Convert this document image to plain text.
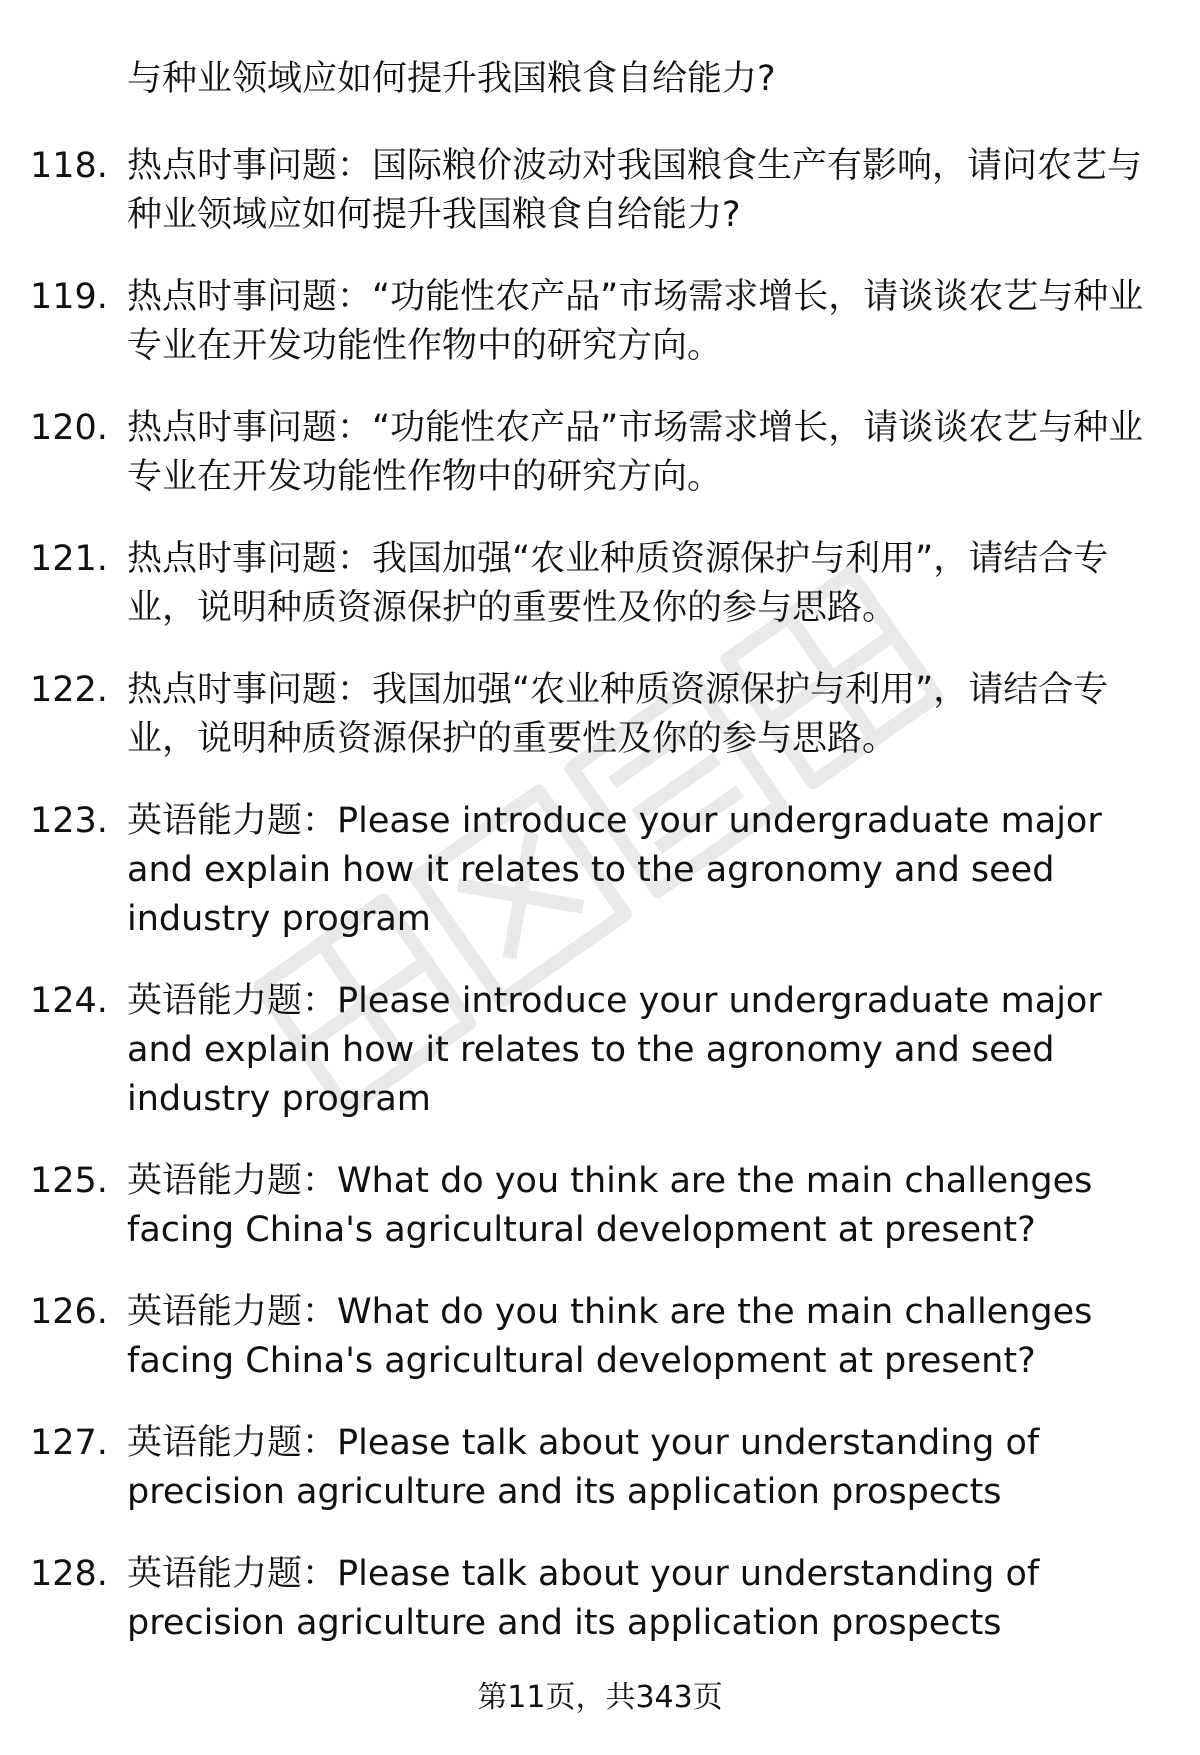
与种业领域应如何提升我国粮食自给能力?
118. 热点时事问题：国际粮价波动对我国粮食生产有影响，请问农艺与种业领域应如何提升我国粮食自给能力?
119. 热点时事问题：“功能性农产品”市场需求增长，请谈谈农艺与种业专业在开发功能性作物中的研究方向。
120. 热点时事问题：“功能性农产品”市场需求增长，请谈谈农艺与种业专业在开发功能性作物中的研究方向。
121. 热点时事问题：我国加强“农业种质资源保护与利用”，请结合专业，说明种质资源保护的重要性及你的参与思路。
122. 热点时事问题：我国加强“农业种质资源保护与利用”，请结合专业，说明种质资源保护的重要性及你的参与思路。
123. 英语能力题：Please introduce your undergraduate major and explain how it relates to the agronomy and seed industry program
124. 英语能力题：Please introduce your undergraduate major and explain how it relates to the agronomy and seed industry program
125. 英语能力题：What do you think are the main challenges facing China's agricultural development at present?
126. 英语能力题：What do you think are the main challenges facing China's agricultural development at present?
127. 英语能力题：Please talk about your understanding of precision agriculture and its application prospects
128. 英语能力题：Please talk about your understanding of precision agriculture and its application prospects
第11页，共343页
